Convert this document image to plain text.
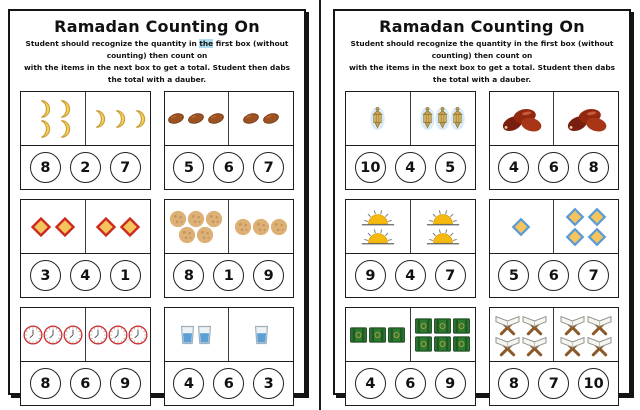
Ramadan Counting On
Student should recognize the quantity in the first box (without counting) then count on
with the items in the next box to get a total. Student then dabs the total with a dauber.
8 2 7	5 6 7
3 4 1	8 1 9
8 6 9	4 6 3
Ramadan Counting On
Student should recognize the quantity in the first box (without counting) then count on
with the items in the next box to get a total. Student then dabs the total with a dauber.
10 4 5	4 6 8
9 4 7	5 6 7
4 6 9	8 7 10
